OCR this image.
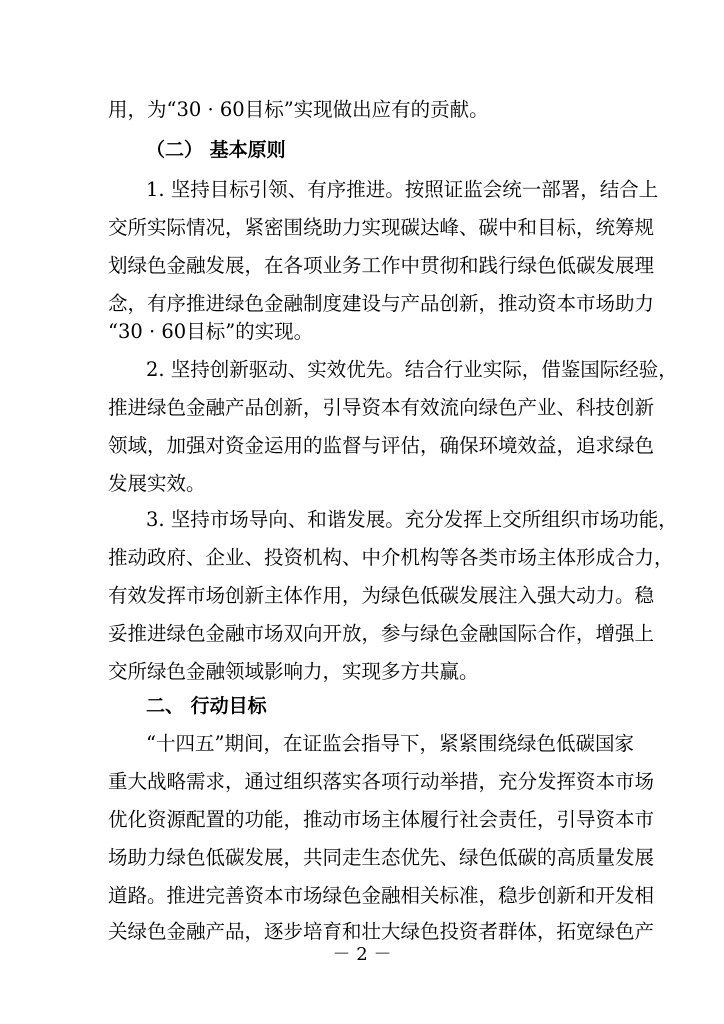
用，为“30 · 60目标”实现做出应有的贡献。
（二） 基本原则
1. 坚持目标引领、有序推进。按照证监会统一部署，结合上
交所实际情况，紧密围绕助力实现碳达峰、碳中和目标，统筹规
划绿色金融发展，在各项业务工作中贯彻和践行绿色低碳发展理
念，有序推进绿色金融制度建设与产品创新，推动资本市场助力
“30 · 60目标”的实现。
2. 坚持创新驱动、实效优先。结合行业实际，借鉴国际经验，
推进绿色金融产品创新，引导资本有效流向绿色产业、科技创新
领域，加强对资金运用的监督与评估，确保环境效益，追求绿色
发展实效。
3. 坚持市场导向、和谐发展。充分发挥上交所组织市场功能，
推动政府、企业、投资机构、中介机构等各类市场主体形成合力，
有效发挥市场创新主体作用，为绿色低碳发展注入强大动力。稳
妥推进绿色金融市场双向开放，参与绿色金融国际合作，增强上
交所绿色金融领域影响力，实现多方共赢。
二、 行动目标
“十四五”期间，在证监会指导下，紧紧围绕绿色低碳国家
重大战略需求，通过组织落实各项行动举措，充分发挥资本市场
优化资源配置的功能，推动市场主体履行社会责任，引导资本市
场助力绿色低碳发展，共同走生态优先、绿色低碳的高质量发展
道路。推进完善资本市场绿色金融相关标准，稳步创新和开发相
关绿色金融产品，逐步培育和壮大绿色投资者群体，拓宽绿色产
－ 2 －
